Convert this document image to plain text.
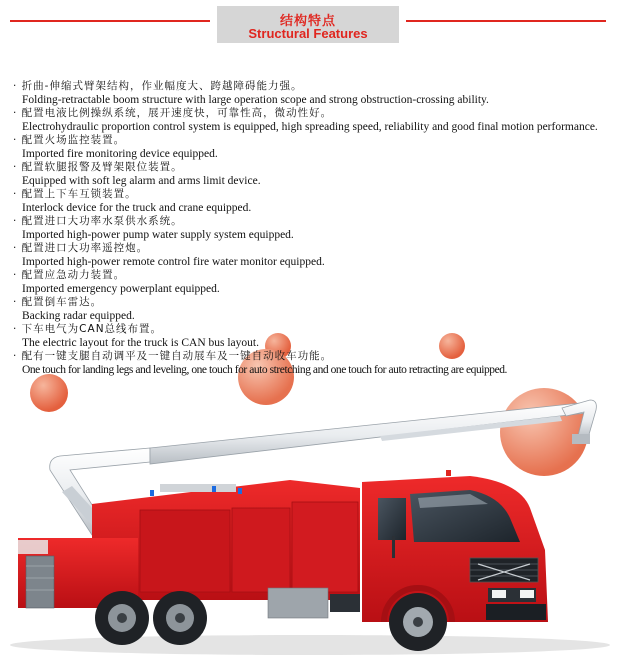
结构特点
Structural Features
· 折曲-伸缩式臂架结构，作业幅度大、跨越障碍能力强。
Folding-retractable boom structure with large operation scope and strong obstruction-crossing ability.
· 配置电液比例操纵系统，展开速度快，可靠性高，微动性好。
Electrohydraulic proportion control system is equipped, high spreading speed, reliability and good final motion performance.
· 配置火场监控装置。
Imported fire monitoring device equipped.
· 配置软腿报警及臂架限位装置。
Equipped with soft leg alarm and arms limit device.
· 配置上下车互锁装置。
Interlock device for the truck and crane equipped.
· 配置进口大功率水泵供水系统。
Imported high-power pump water supply system equipped.
· 配置进口大功率遥控炮。
Imported high-power remote control fire water monitor equipped.
· 配置应急动力装置。
Imported emergency powerplant equipped.
· 配置倒车雷达。
Backing radar equipped.
· 下车电气为CAN总线布置。
The electric layout for the truck is CAN bus layout.
· 配有一键支腿自动调平及一键自动展车及一键自动收车功能。
One touch for landing legs and leveling, one touch for auto stretching and one touch for auto retracting are equipped.
